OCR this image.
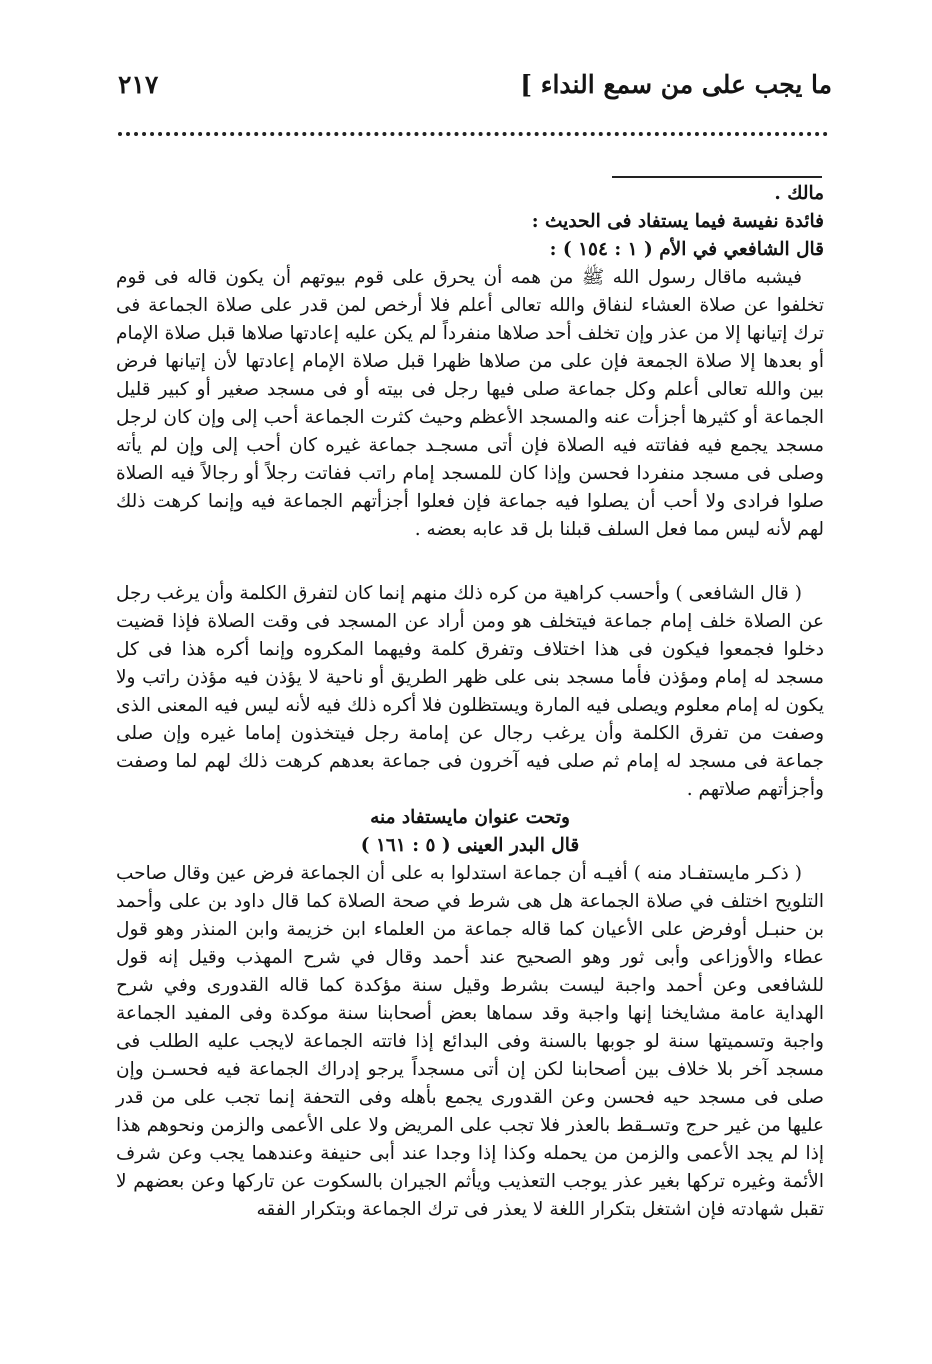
ما يجب على من سمع النداء ]
٢١٧

مالك .

فائدة نفيسة فيما يستفاد فى الحديث :

قال الشافعي في الأم ( ١ : ١٥٤ ) :

فيشبه ماقال رسول الله ﷺ من همه أن يحرق على قوم بيوتهم أن يكون قاله فى قوم تخلفوا عن صلاة العشاء لنفاق والله تعالى أعلم فلا أرخص لمن قدر على صلاة الجماعة فى ترك إتيانها إلا من عذر وإن تخلف أحد صلاها منفرداً لم يكن عليه إعادتها صلاها قبل صلاة الإمام أو بعدها إلا صلاة الجمعة فإن على من صلاها ظهرا قبل صلاة الإمام إعادتها لأن إتيانها فرض بين والله تعالى أعلم وكل جماعة صلى فيها رجل فى بيته أو فى مسجد صغير أو كبير قليل الجماعة أو كثيرها أجزأت عنه والمسجد الأعظم وحيث كثرت الجماعة أحب إلى وإن كان لرجل مسجد يجمع فيه ففاتته فيه الصلاة فإن أتى مسجـد جماعة غيره كان أحب إلى وإن لم يأته وصلى فى مسجد منفردا فحسن وإذا كان للمسجد إمام راتب ففاتت رجلاً أو رجالاً فيه الصلاة صلوا فرادى ولا أحب أن يصلوا فيه جماعة فإن فعلوا أجزأتهم الجماعة فيه وإنما كرهت ذلك لهم لأنه ليس مما فعل السلف قبلنا بل قد عابه بعضه .

( قال الشافعى ) وأحسب كراهية من كره ذلك منهم إنما كان لتفرق الكلمة وأن يرغب رجل عن الصلاة خلف إمام جماعة فيتخلف هو ومن أراد عن المسجد فى وقت الصلاة فإذا قضيت دخلوا فجمعوا فيكون فى هذا اختلاف وتفرق كلمة وفيهما المكروه وإنما أكره هذا فى كل مسجد له إمام ومؤذن فأما مسجد بنى على ظهر الطريق أو ناحية لا يؤذن فيه مؤذن راتب ولا يكون له إمام معلوم ويصلى فيه المارة ويستظلون فلا أكره ذلك فيه لأنه ليس فيه المعنى الذى وصفت من تفرق الكلمة وأن يرغب رجال عن إمامة رجل فيتخذون إماما غيره وإن صلى جماعة فى مسجد له إمام ثم صلى فيه آخرون فى جماعة بعدهم كرهت ذلك لهم لما وصفت وأجزأتهم صلاتهم .

وتحت عنوان مايستفاد منه

قال البدر العينى ( ٥ : ١٦١ )

( ذكـر مايستفـاد منه ) أفيـه أن جماعة استدلوا به على أن الجماعة فرض عين وقال صاحب التلويح اختلف في صلاة الجماعة هل هى شرط في صحة الصلاة كما قال داود بن على وأحمد بن حنبـل أوفرض على الأعيان كما قاله جماعة من العلماء ابن خزيمة وابن المنذر وهو قول عطاء والأوزاعى وأبى ثور وهو الصحيح عند أحمد وقال في شرح المهذب وقيل إنه قول للشافعى وعن أحمد واجبة ليست بشرط وقيل سنة مؤكدة كما قاله القدورى وفي شرح الهداية عامة مشايخنا إنها واجبة وقد سماها بعض أصحابنا سنة موكدة وفى المفيد الجماعة واجبة وتسميتها سنة لو جوبها بالسنة وفى البدائع إذا فاتته الجماعة لايجب عليه الطلب فى مسجد آخر بلا خلاف بين أصحابنا لكن إن أتى مسجداً يرجو إدراك الجماعة فيه فحسـن وإن صلى فى مسجد حيه فحسن وعن القدورى يجمع بأهله وفى التحفة إنما تجب على من قدر عليها من غير حرج وتسـقط بالعذر فلا تجب على المريض ولا على الأعمى والزمن ونحوهم هذا إذا لم يجد الأعمى والزمن من يحمله وكذا إذا وجدا عند أبى حنيفة وعندهما يجب وعن شرف الأئمة وغيره تركها بغير عذر يوجب التعذيب ويأثم الجيران بالسكوت عن تاركها وعن بعضهم لا تقبل شهادته فإن اشتغل بتكرار اللغة لا يعذر فى ترك الجماعة وبتكرار الفقه
